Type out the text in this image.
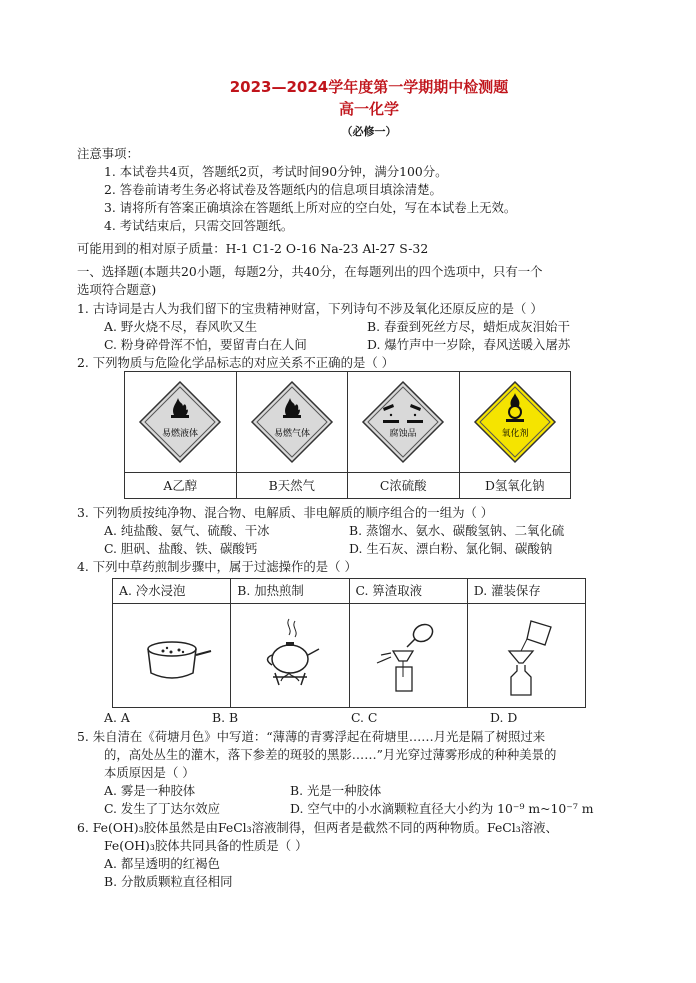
2023—2024学年度第一学期期中检测题
高一化学
（必修一）
注意事项：
1. 本试卷共4页，答题纸2页，考试时间90分钟，满分100分。
2. 答卷前请考生务必将试卷及答题纸内的信息项目填涂清楚。
3. 请将所有答案正确填涂在答题纸上所对应的空白处，写在本试卷上无效。
4. 考试结束后，只需交回答题纸。
可能用到的相对原子质量：H-1 C1-2 O-16 Na-23 Al-27 S-32
一、选择题(本题共20小题，每题2分，共40分，在每题列出的四个选项中，只有一个
选项符合题意)
1. 古诗词是古人为我们留下的宝贵精神财富，下列诗句不涉及氧化还原反应的是（ ）
A. 野火烧不尽，春风吹又生	B. 春蚕到死丝方尽，蜡炬成灰泪始干
C. 粉身碎骨浑不怕，要留青白在人间	D. 爆竹声中一岁除，春风送暖入屠苏
2. 下列物质与危险化学品标志的对应关系不正确的是（ ）
易燃液体	易燃气体	腐蚀品	氧化剂

A乙醇	B天然气	C浓硫酸	D氢氧化钠
3. 下列物质按纯净物、混合物、电解质、非电解质的顺序组合的一组为（ ）
A. 纯盐酸、氨气、硫酸、干冰	B. 蒸馏水、氨水、碳酸氢钠、二氧化硫
C. 胆矾、盐酸、铁、碳酸钙	D. 生石灰、漂白粉、氯化铜、碳酸钠
4. 下列中草药煎制步骤中，属于过滤操作的是（ ）
A. 冷水浸泡	B. 加热煎制	C. 箅渣取液	D. 灌装保存

A. A	B. B	C. C	D. D
5. 朱自清在《荷塘月色》中写道：“薄薄的青雾浮起在荷塘里……月光是隔了树照过来
的，高处丛生的灌木，落下参差的斑驳的黑影……”月光穿过薄雾形成的种种美景的
本质原因是（ ）
A. 雾是一种胶体	B. 光是一种胶体
C. 发生了丁达尔效应	D. 空气中的小水滴颗粒直径大小约为 10⁻⁹ m~10⁻⁷ m
6. Fe(OH)₃胶体虽然是由FeCl₃溶液制得，但两者是截然不同的两种物质。FeCl₃溶液、
Fe(OH)₃胶体共同具备的性质是（ ）
A. 都呈透明的红褐色
B. 分散质颗粒直径相同
